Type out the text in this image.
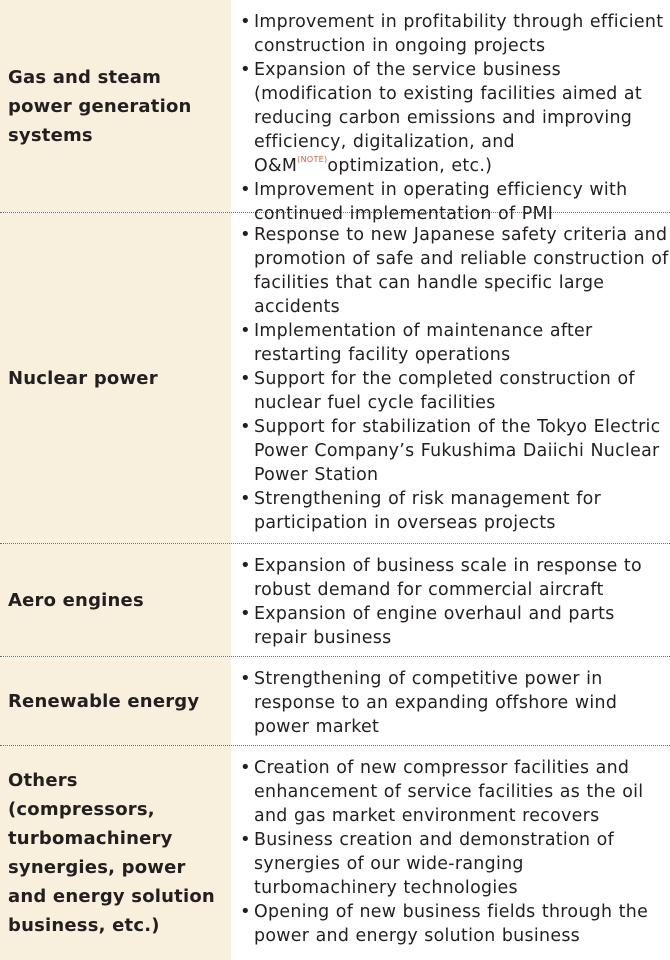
Gas and steam power generation systems
• Improvement in profitability through efficient construction in ongoing projects
• Expansion of the service business (modification to existing facilities aimed at reducing carbon emissions and improving efficiency, digitalization, and $O\&M^{(NOTE)}optimization$, etc.)
• Improvement in operating efficiency with continued implementation of PMI
Nuclear power
• Response to new Japanese safety criteria and promotion of safe and reliable construction of facilities that can handle specific large accidents
• Implementation of maintenance after restarting facility operations
• Support for the completed construction of nuclear fuel cycle facilities
• Support for stabilization of the Tokyo Electric Power Company’s Fukushima Daiichi Nuclear Power Station
• Strengthening of risk management for participation in overseas projects
Aero engines
• Expansion of business scale in response to robust demand for commercial aircraft
• Expansion of engine overhaul and parts repair business
Renewable energy
• Strengthening of competitive power in response to an expanding offshore wind power market
Others (compressors, turbomachinery synergies, power and energy solution business, etc.)
• Creation of new compressor facilities and enhancement of service facilities as the oil and gas market environment recovers
• Business creation and demonstration of synergies of our wide-ranging turbomachinery technologies
• Opening of new business fields through the power and energy solution business
